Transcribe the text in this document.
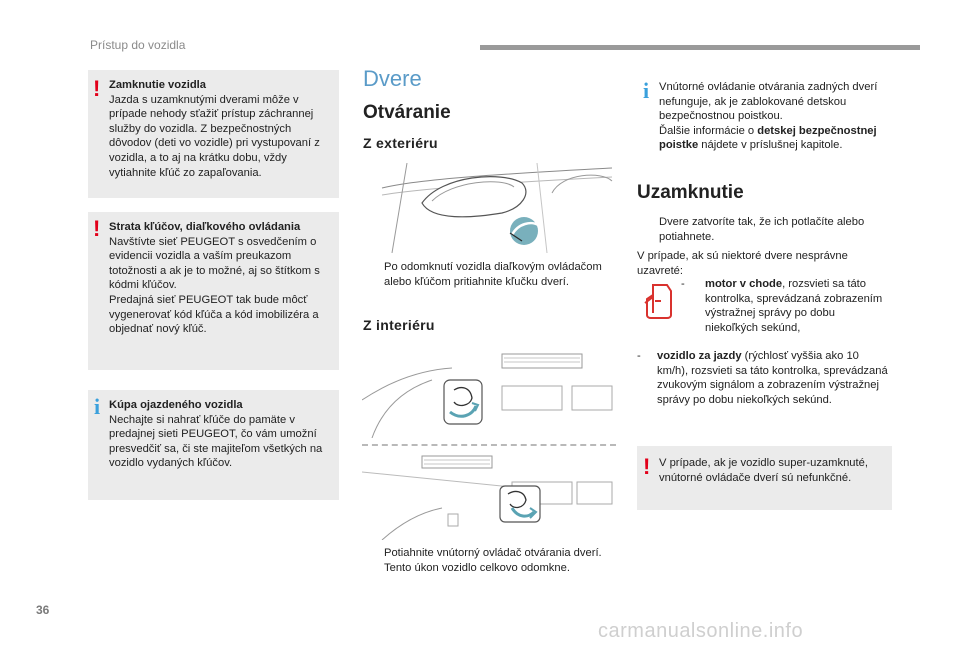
Prístup do vozidla
! Zamknutie vozidla
Jazda s uzamknutými dverami môže v prípade nehody sťažiť prístup záchrannej služby do vozidla. Z bezpečnostných dôvodov (deti vo vozidle) pri vystupovaní z vozidla, a to aj na krátku dobu, vždy vytiahnite kľúč zo zapaľovania.
! Strata kľúčov, diaľkového ovládania
Navštívte sieť PEUGEOT s osvedčením o evidencii vozidla a vaším preukazom totožnosti a ak je to možné, aj so štítkom s kódmi kľúčov.
Predajná sieť PEUGEOT tak bude môcť vygenerovať kód kľúča a kód imobilizéra a objednať nový kľúč.
i Kúpa ojazdeného vozidla
Nechajte si nahrať kľúče do pamäte v predajnej sieti PEUGEOT, čo vám umožní presvedčiť sa, či ste majiteľom všetkých na vozidlo vydaných kľúčov.
Dvere
Otváranie
Z exteriéru
Po odomknutí vozidla diaľkovým ovládačom alebo kľúčom pritiahnite kľučku dverí.
Z interiéru
Potiahnite vnútorný ovládač otvárania dverí. Tento úkon vozidlo celkovo odomkne.
i Vnútorné ovládanie otvárania zadných dverí nefunguje, ak je zablokované detskou bezpečnostnou poistkou.
Ďalšie informácie o detskej bezpečnostnej poistke nájdete v príslušnej kapitole.
Uzamknutie
Dvere zatvoríte tak, že ich potlačíte alebo potiahnete.
V prípade, ak sú niektoré dvere nesprávne uzavreté:
- motor v chode, rozsvieti sa táto kontrolka, sprevádzaná zobrazením výstražnej správy po dobu niekoľkých sekúnd,
- vozidlo za jazdy (rýchlosť vyššia ako 10 km/h), rozsvieti sa táto kontrolka, sprevádzaná zvukovým signálom a zobrazením výstražnej správy po dobu niekoľkých sekúnd.
! V prípade, ak je vozidlo super-uzamknuté, vnútorné ovládače dverí sú nefunkčné.
36
carmanualsonline.info
